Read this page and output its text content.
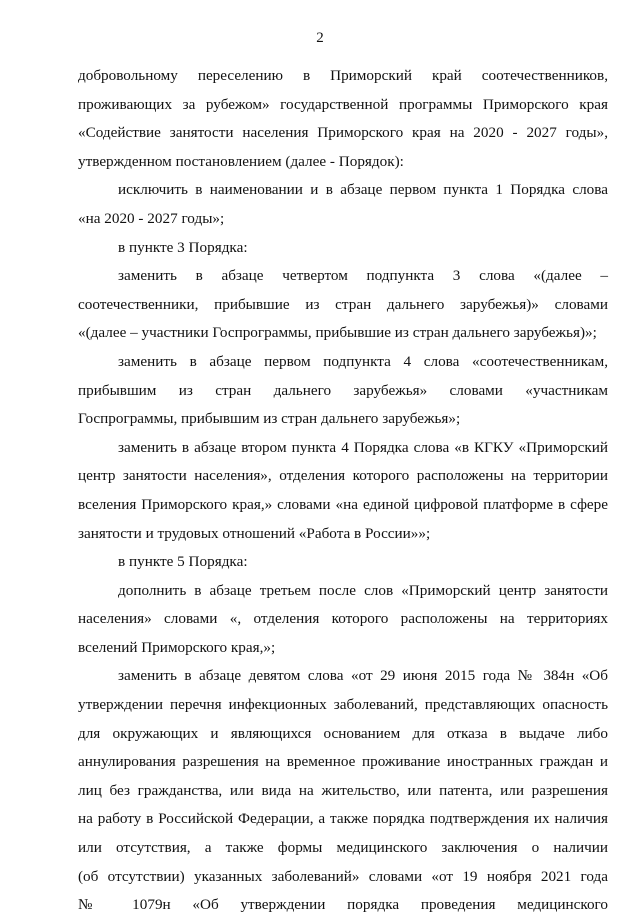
2
добровольному переселению в Приморский край соотечественников,
проживающих за рубежом» государственной программы Приморского края
«Содействие занятости населения Приморского края на 2020 - 2027 годы»,
утвержденном постановлением (далее - Порядок):
исключить в наименовании и в абзаце первом пункта 1 Порядка слова
«на 2020 - 2027 годы»;
в пункте 3 Порядка:
заменить в абзаце четвертом подпункта 3 слова «(далее –
соотечественники, прибывшие из стран дальнего зарубежья)» словами
«(далее – участники Госпрограммы, прибывшие из стран дальнего зарубежья)»;
заменить в абзаце первом подпункта 4 слова «соотечественникам,
прибывшим из стран дальнего зарубежья» словами «участникам
Госпрограммы, прибывшим из стран дальнего зарубежья»;
заменить в абзаце втором пункта 4 Порядка слова «в КГКУ «Приморский
центр занятости населения», отделения которого расположены на территории
вселения Приморского края,» словами «на единой цифровой платформе в сфере
занятости и трудовых отношений «Работа в России»»;
в пункте 5 Порядка:
дополнить в абзаце третьем после слов «Приморский центр занятости
населения» словами «, отделения которого расположены на территориях
вселений Приморского края,»;
заменить в абзаце девятом слова «от 29 июня 2015 года № 384н «Об
утверждении перечня инфекционных заболеваний, представляющих опасность
для окружающих и являющихся основанием для отказа в выдаче либо
аннулирования разрешения на временное проживание иностранных граждан и
лиц без гражданства, или вида на жительство, или патента, или разрешения
на работу в Российской Федерации, а также порядка подтверждения их наличия
или отсутствия, а также формы медицинского заключения о наличии
(об отсутствии) указанных заболеваний» словами «от 19 ноября 2021 года
№ 1079н «Об утверждении порядка проведения медицинского
